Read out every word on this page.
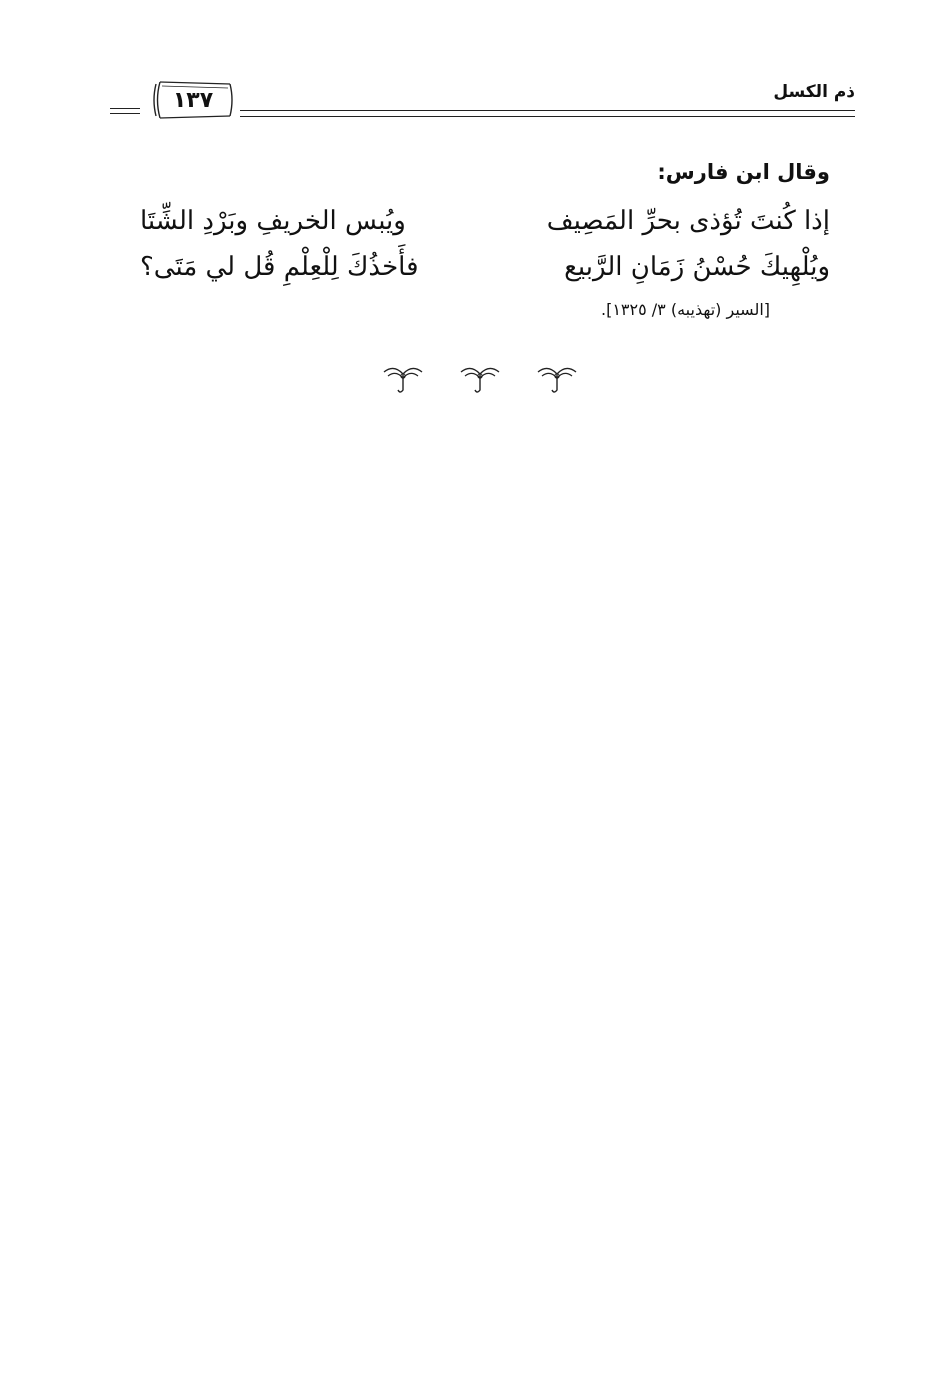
١٣٧	ذم الكسل
وقال ابن فارس:
إذا كُنتَ تُؤذى بحرِّ المَصِيف
ويُبس الخريفِ وبَرْدِ الشِّتَا
ويُلْهِيكَ حُسْنُ زَمَانِ الرَّبيع
فأَخذُكَ لِلْعِلْمِ قُل لي مَتَى؟
[السير (تهذيبه) ٣/ ١٣٢٥].
